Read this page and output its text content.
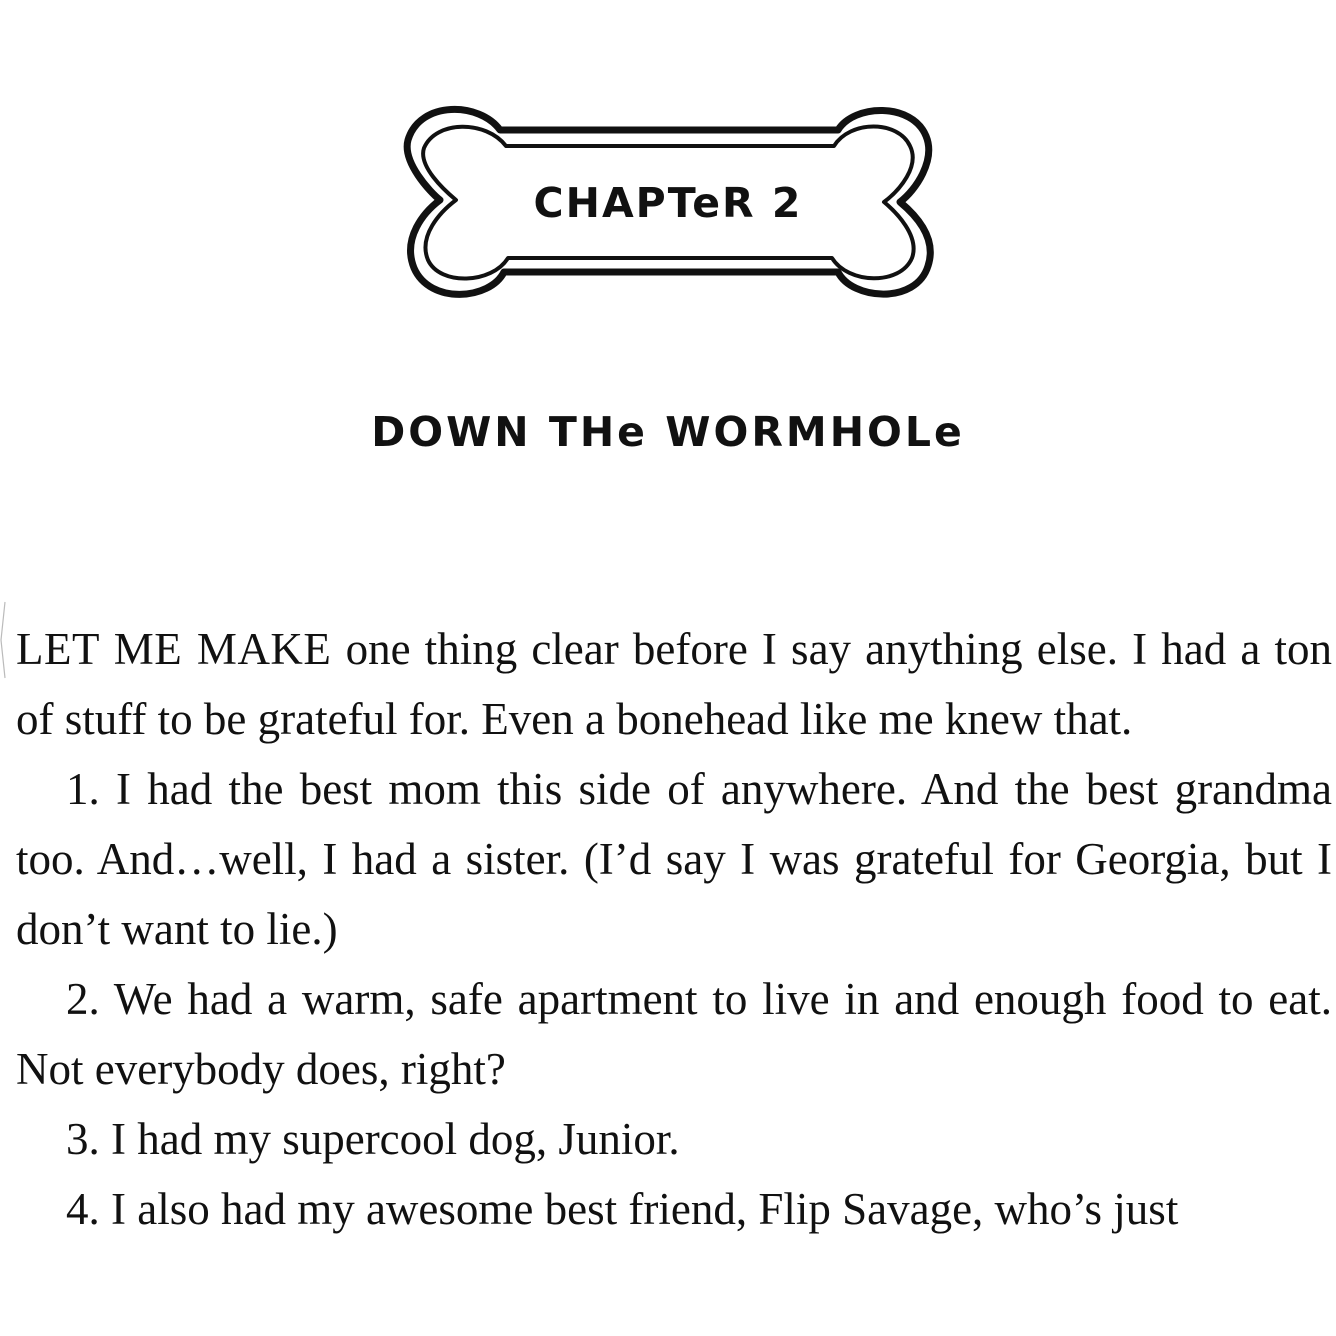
CHAPTeR 2
DOWN THe WORMHOLe

LET ME MAKE one thing clear before I say anything else. I had a ton of stuff to be grateful for. Even a bonehead like me knew that.

1. I had the best mom this side of anywhere. And the best grandma too. And…well, I had a sister. (I’d say I was grateful for Georgia, but I don’t want to lie.)

2. We had a warm, safe apartment to live in and enough food to eat. Not everybody does, right?

3. I had my supercool dog, Junior.

4. I also had my awesome best friend, Flip Savage, who’s just
